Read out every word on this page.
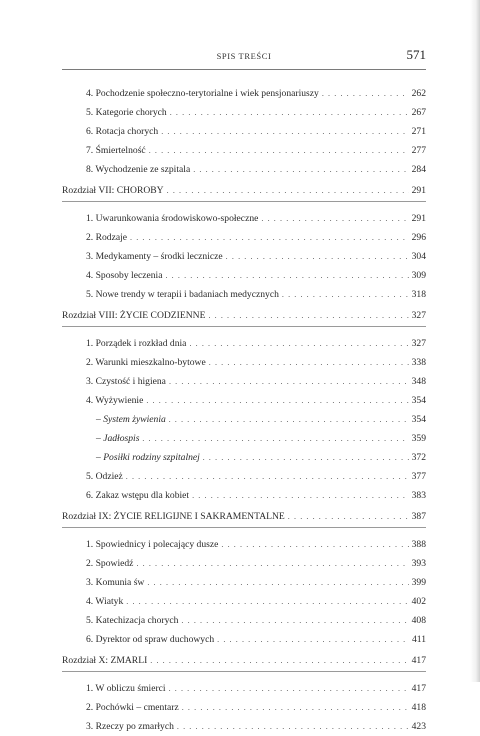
SPIS TREŚCI	571
4. Pochodzenie społeczno-terytorialne i wiek pensjonariuszy . . .	262
5. Kategorie chorych . . .	267
6. Rotacja chorych . . .	271
7. Śmiertelność . . .	277
8. Wychodzenie ze szpitala . . .	284
Rozdział VII: CHOROBY . . .	291
1. Uwarunkowania środowiskowo-społeczne . . .	291
2. Rodzaje . . .	296
3. Medykamenty – środki lecznicze . . .	304
4. Sposoby leczenia . . .	309
5. Nowe trendy w terapii i badaniach medycznych . . .	318
Rozdział VIII: ŻYCIE CODZIENNE . . .	327
1. Porządek i rozkład dnia . . .	327
2. Warunki mieszkalno-bytowe . . .	338
3. Czystość i higiena . . .	348
4. Wyżywienie . . .	354
– System żywienia . . .	354
– Jadłospis . . .	359
– Posiłki rodziny szpitalnej . . .	372
5. Odzież . . .	377
6. Zakaz wstępu dla kobiet . . .	383
Rozdział IX: ŻYCIE RELIGIJNE I SAKRAMENTALNE . . .	387
1. Spowiednicy i polecający dusze . . .	388
2. Spowiedź . . .	393
3. Komunia św . . .	399
4. Wiatyk . . .	402
5. Katechizacja chorych . . .	408
6. Dyrektor od spraw duchowych . . .	411
Rozdział X: ZMARLI . . .	417
1. W obliczu śmierci . . .	417
2. Pochówki – cmentarz . . .	418
3. Rzeczy po zmarłych . . .	423
